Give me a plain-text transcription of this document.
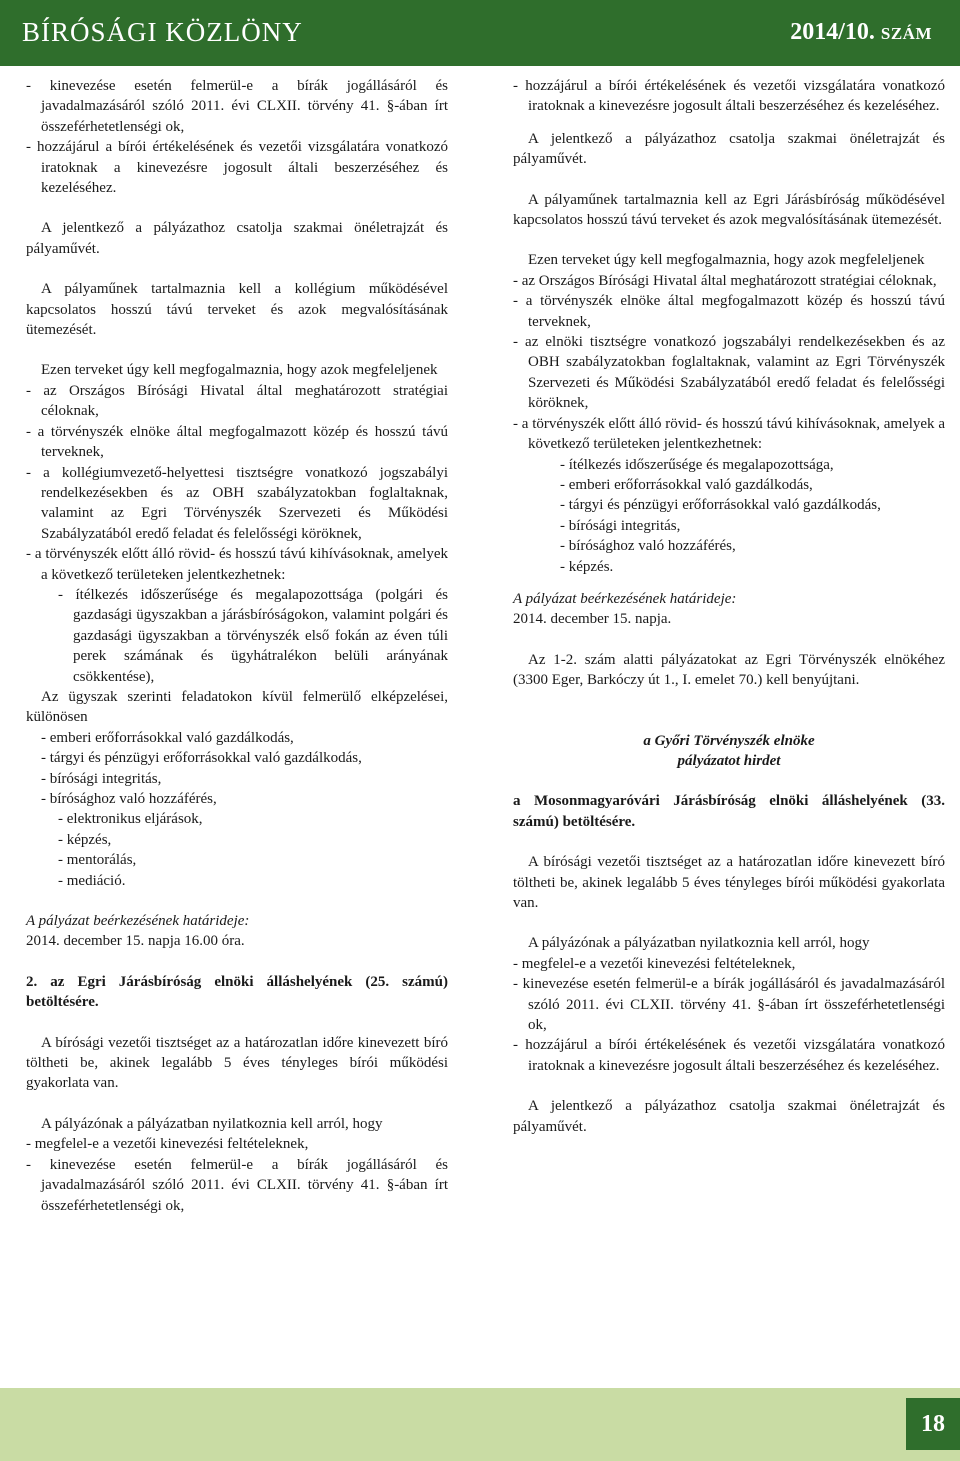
BÍRÓSÁGI KÖZLÖNY	2014/10. SZÁM

- kinevezése esetén felmerül-e a bírák jogállásáról és javadalmazásáról szóló 2011. évi CLXII. törvény 41. §-ában írt összeférhetetlenségi ok,

- hozzájárul a bírói értékelésének és vezetői vizsgálatára vonatkozó iratoknak a kinevezésre jogosult általi beszerzéséhez és kezeléséhez.

A jelentkező a pályázathoz csatolja szakmai önéletrajzát és pályaművét.

A pályaműnek tartalmaznia kell a kollégium működésével kapcsolatos hosszú távú terveket és azok megvalósításának ütemezését.

Ezen terveket úgy kell megfogalmaznia, hogy azok megfeleljenek

- az Országos Bírósági Hivatal által meghatározott stratégiai céloknak,

- a törvényszék elnöke által megfogalmazott közép és hosszú távú terveknek,

- a kollégiumvezető-helyettesi tisztségre vonatkozó jogszabályi rendelkezésekben és az OBH szabályzatokban foglaltaknak, valamint az Egri Törvényszék Szervezeti és Működési Szabályzatából eredő feladat és felelősségi köröknek,

- a törvényszék előtt álló rövid- és hosszú távú kihívásoknak, amelyek a következő területeken jelentkezhetnek:

- ítélkezés időszerűsége és megalapozottsága (polgári és gazdasági ügyszakban a járásbíróságokon, valamint polgári és gazdasági ügyszakban a törvényszék első fokán az éven túli perek számának és ügyhátralékon belüli arányának csökkentése),

Az ügyszak szerinti feladatokon kívül felmerülő elképzelései, különösen

- emberi erőforrásokkal való gazdálkodás,

- tárgyi és pénzügyi erőforrásokkal való gazdálkodás,

- bírósági integritás,

- bírósághoz való hozzáférés,

- elektronikus eljárások,

- képzés,

- mentorálás,

- mediáció.

A pályázat beérkezésének határideje:

2014. december 15. napja 16.00 óra.

2. az Egri Járásbíróság elnöki álláshelyének (25. számú) betöltésére.

A bírósági vezetői tisztséget az a határozatlan időre kinevezett bíró töltheti be, akinek legalább 5 éves tényleges bírói működési gyakorlata van.

A pályázónak a pályázatban nyilatkoznia kell arról, hogy

- megfelel-e a vezetői kinevezési feltételeknek,

- kinevezése esetén felmerül-e a bírák jogállásáról és javadalmazásáról szóló 2011. évi CLXII. törvény 41. §-ában írt összeférhetetlenségi ok,

- hozzájárul a bírói értékelésének és vezetői vizsgálatára vonatkozó iratoknak a kinevezésre jogosult általi beszerzéséhez és kezeléséhez.

A jelentkező a pályázathoz csatolja szakmai önéletrajzát és pályaművét.

A pályaműnek tartalmaznia kell az Egri Járásbíróság működésével kapcsolatos hosszú távú terveket és azok megvalósításának ütemezését.

Ezen terveket úgy kell megfogalmaznia, hogy azok megfeleljenek

- az Országos Bírósági Hivatal által meghatározott stratégiai céloknak,

- a törvényszék elnöke által megfogalmazott közép és hosszú távú terveknek,

- az elnöki tisztségre vonatkozó jogszabályi rendelkezésekben és az OBH szabályzatokban foglaltaknak, valamint az Egri Törvényszék Szervezeti és Működési Szabályzatából eredő feladat és felelősségi köröknek,

- a törvényszék előtt álló rövid- és hosszú távú kihívásoknak, amelyek a következő területeken jelentkezhetnek:

- ítélkezés időszerűsége és megalapozottsága,

- emberi erőforrásokkal való gazdálkodás,

- tárgyi és pénzügyi erőforrásokkal való gazdálkodás,

- bírósági integritás,

- bírósághoz való hozzáférés,

- képzés.

A pályázat beérkezésének határideje:

2014. december 15. napja.

Az 1-2. szám alatti pályázatokat az Egri Törvényszék elnökéhez (3300 Eger, Barkóczy út 1., I. emelet 70.) kell benyújtani.

a Győri Törvényszék elnöke

pályázatot hirdet

a Mosonmagyaróvári Járásbíróság elnöki álláshelyének (33. számú) betöltésére.

A bírósági vezetői tisztséget az a határozatlan időre kinevezett bíró töltheti be, akinek legalább 5 éves tényleges bírói működési gyakorlata van.

A pályázónak a pályázatban nyilatkoznia kell arról, hogy

- megfelel-e a vezetői kinevezési feltételeknek,

- kinevezése esetén felmerül-e a bírák jogállásáról és javadalmazásáról szóló 2011. évi CLXII. törvény 41. §-ában írt összeférhetetlenségi ok,

- hozzájárul a bírói értékelésének és vezetői vizsgálatára vonatkozó iratoknak a kinevezésre jogosult általi beszerzéséhez és kezeléséhez.

A jelentkező a pályázathoz csatolja szakmai önéletrajzát és pályaművét.

18
